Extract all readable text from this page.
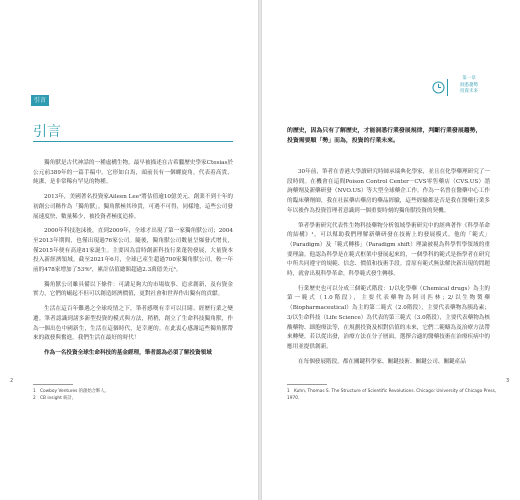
引言
引言

獨角獸是古代神話的一種虛構生物，最早被描述在古希臘歷史學家Ctesias於公元前389年的一篇手稿中，它形如白馬，頭前長有一個螺旋角，代表着高貴、純潔，是非常稀有罕見的物種。

2013年，美國著名投資家Aileen Lee¹將估值逾10億美元、創業不到十年的初創公司稱作為「獨角獸」。獨角獸極其珍貴，可遇不可得，同樣地，這些公司發展速度快，數量稀少，被投資者極度追捧。

2000年科技泡沫後，直到2009年，全球才出現了第一家獨角獸公司；2004至2013年期間，也僅出現過76家公司。隨後，獨角獸公司數量呈爆發式增長，僅2015年便有高達81家誕生。主要因為當時創新科技行業蓬勃發展，大量資本投入新經濟領域。截至2021年6月，全球已產生超過700家獨角獸公司，較一年前的478家增加了53%²，累計估值總額超過2.3萬億美元³。

獨角獸公司雖具備以下條件：可講足夠大的市場故事、追求創新，及有資金實力，它們的崛起不但可以創造經濟價值，更對社會和世界作出獨有的貢獻。

生活在這百年難遇之全球疫情之下，筆者感嘆有幸可以目睹、經歷行業之變遷。筆者認識到諸多新型投資的模式與方法，稍稍，創立了生命科技獨角獸，作為一個出色中國新生，生活在這個時代，是幸運的。在此衷心感謝這些獨角獸帶來的啟發與奮進，我們生活在最好的時代！

作為一名投資全球生命科技的基金經理，筆者認為必須了解投資領域

1　Cowboy Ventures 的創始合夥人。
2　CB insight 統計。
2
第一章
洞悉趨勢
投資未來

的歷史，因為只有了解歷史，才能洞悉行業發展規律，判斷行業發展趨勢，投資需要順「勢」而為，投資的行業未來。

30年前，筆者在香港大學讀研究時師承瑞典化學家，並且在化學藥理研究了一段時間。在機會在這間Poison Control Center－CVS零售藥店（CVS.US）諮詢藥劑及新藥研發（NVO.US）等大型全球藥企工作。作為一名曾在醫藥中心工作的臨床藥劑師，我在社區藥店藥房的藥品經驗，這些經驗都是否是我在醫藥行業多年以後作為投資管理者意識到一個重要時刻的獨角獸投資的契機。

筆者學術研究代表性生物科技藥物分析領域學術研究中的經典著作《科學革命的結構》¹，可以幫助我們理解新藥研發在技術上的發展模式。他的「範式」（Paradigm）及「範式轉移」（Paradigm shift）理論被視為科學哲學領域的重要理論。他認為科學是在範式框架中發展起來的，一個學科的範式是指學者在研究中所共同遵守的規範、信念、價值和技術手段。當原有範式無法解決新出現的問題時，就會出現科學革命，科學範式發生轉移。

行業歷史也可以分成三個範式階段：1/以化學藥（Chemical drugs）為主的第一範式（1.0階段），主要代表藥物為阿司匹林；2/以生物製藥（Biopharmaceutical）為主的第二範式（2.0階段），主要代表藥物為胰島素；3/以生命科技（Life Science）為代表的第三範式（3.0階段），主要代表藥物為核酸藥物、細胞療法等，在規劃投資及相對估值的未來，它們二範疇為及治療方法帶來轉變。若以從出發，治療方法在分子層面，選擇合適的醫藥技術在治療疾病中的應用並提供創新。

在每個發展階段，都在關鍵科學家、關鍵技術、關鍵公司、關鍵產品

1　Kuhn, Thomas S. The Structure of Scientific Revolutions. Chicago: University of Chicago Press, 1970.
3
